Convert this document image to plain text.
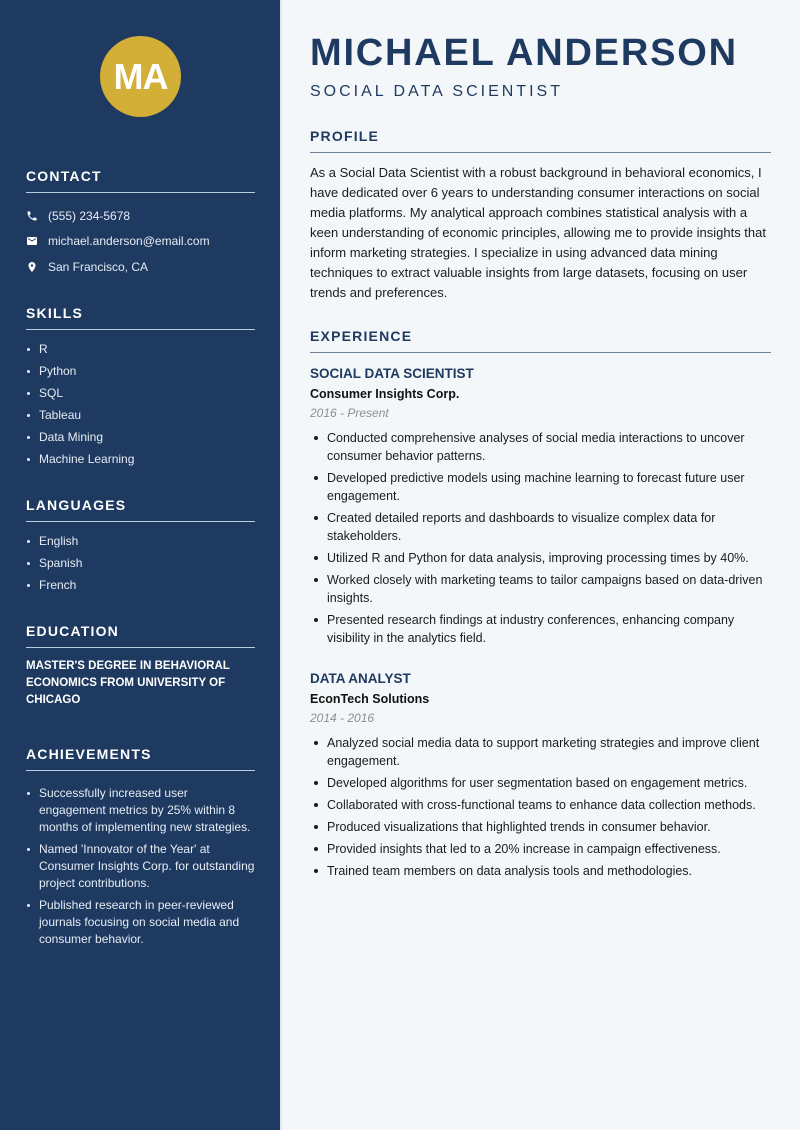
MA
CONTACT
(555) 234-5678
michael.anderson@email.com
San Francisco, CA
SKILLS
R
Python
SQL
Tableau
Data Mining
Machine Learning
LANGUAGES
English
Spanish
French
EDUCATION
MASTER'S DEGREE IN BEHAVIORAL ECONOMICS FROM UNIVERSITY OF CHICAGO
ACHIEVEMENTS
Successfully increased user engagement metrics by 25% within 8 months of implementing new strategies.
Named 'Innovator of the Year' at Consumer Insights Corp. for outstanding project contributions.
Published research in peer-reviewed journals focusing on social media and consumer behavior.
MICHAEL ANDERSON
SOCIAL DATA SCIENTIST
PROFILE

As a Social Data Scientist with a robust background in behavioral economics, I have dedicated over 6 years to understanding consumer interactions on social media platforms. My analytical approach combines statistical analysis with a keen understanding of economic principles, allowing me to provide insights that inform marketing strategies. I specialize in using advanced data mining techniques to extract valuable insights from large datasets, focusing on user trends and preferences.

EXPERIENCE
SOCIAL DATA SCIENTIST
Consumer Insights Corp.
2016 - Present
Conducted comprehensive analyses of social media interactions to uncover consumer behavior patterns.
Developed predictive models using machine learning to forecast future user engagement.
Created detailed reports and dashboards to visualize complex data for stakeholders.
Utilized R and Python for data analysis, improving processing times by 40%.
Worked closely with marketing teams to tailor campaigns based on data-driven insights.
Presented research findings at industry conferences, enhancing company visibility in the analytics field.
DATA ANALYST
EconTech Solutions
2014 - 2016
Analyzed social media data to support marketing strategies and improve client engagement.
Developed algorithms for user segmentation based on engagement metrics.
Collaborated with cross-functional teams to enhance data collection methods.
Produced visualizations that highlighted trends in consumer behavior.
Provided insights that led to a 20% increase in campaign effectiveness.
Trained team members on data analysis tools and methodologies.
